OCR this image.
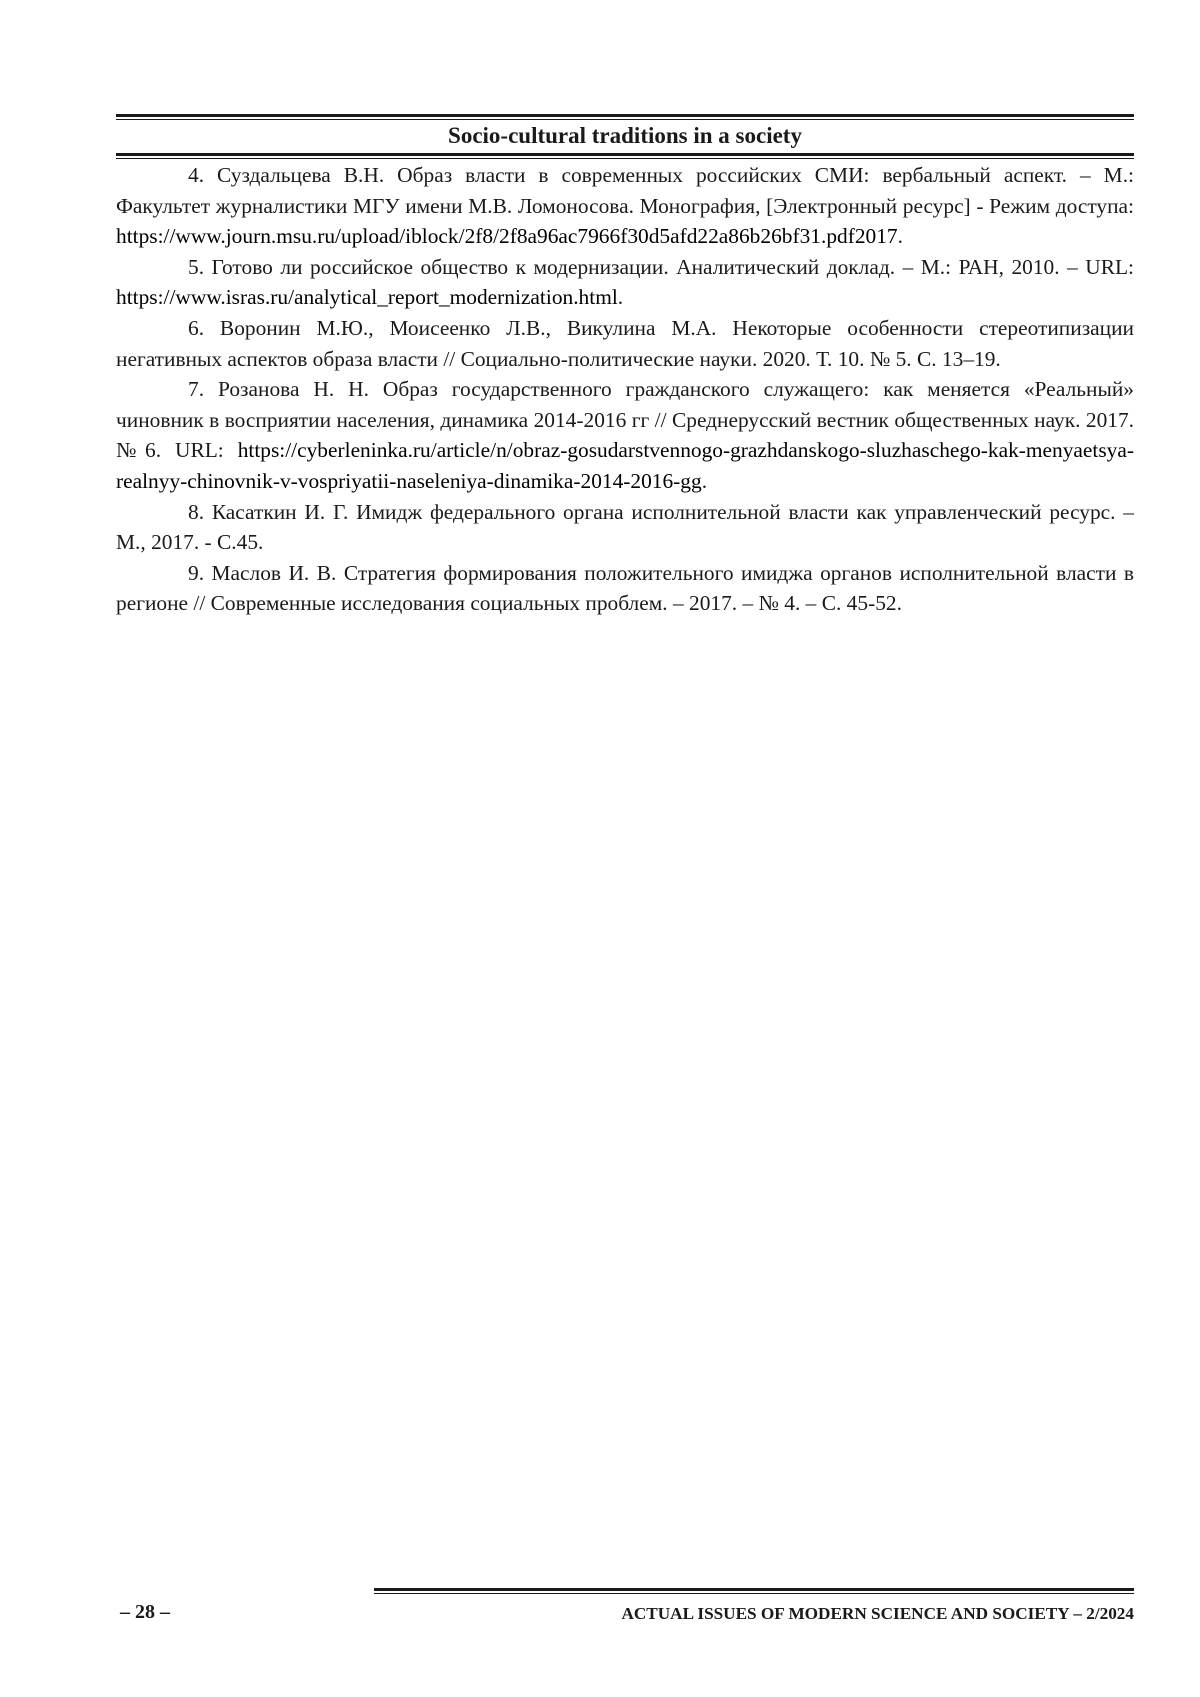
Socio-cultural traditions in a society

4. Суздальцева В.Н. Образ власти в современных российских СМИ: вербальный аспект. – М.: Факультет журналистики МГУ имени М.В. Ломоносова. Монография, [Электронный ресурс] - Режим доступа: https://www.journ.msu.ru/upload/iblock/2f8/2f8a96ac7966f30d5afd22a86b26bf31.pdf2017.

5. Готово ли российское общество к модернизации. Аналитический доклад. – М.: РАН, 2010. – URL: https://www.isras.ru/analytical_report_modernization.html.

6. Воронин М.Ю., Моисеенко Л.В., Викулина М.А. Некоторые особенности стереотипизации негативных аспектов образа власти // Социально-политические науки. 2020. Т. 10. № 5. С. 13–19.

7. Розанова Н. Н. Образ государственного гражданского служащего: как меняется «Реальный» чиновник в восприятии населения, динамика 2014-2016 гг // Среднерусский вестник общественных наук. 2017. №6. URL: https://cyberleninka.ru/article/n/obraz-gosudarstvennogo-grazhdanskogo-sluzhaschego-kak-menyaetsya-realnyy-chinovnik-v-vospriyatii-naseleniya-dinamika-2014-2016-gg.

8. Касаткин И. Г. Имидж федерального органа исполнительной власти как управленческий ресурс. – М., 2017. - С.45.

9. Маслов И. В. Стратегия формирования положительного имиджа органов исполнительной власти в регионе // Современные исследования социальных проблем. – 2017. – № 4. – С. 45-52.

– 28 –	ACTUAL ISSUES OF MODERN SCIENCE AND SOCIETY – 2/2024
